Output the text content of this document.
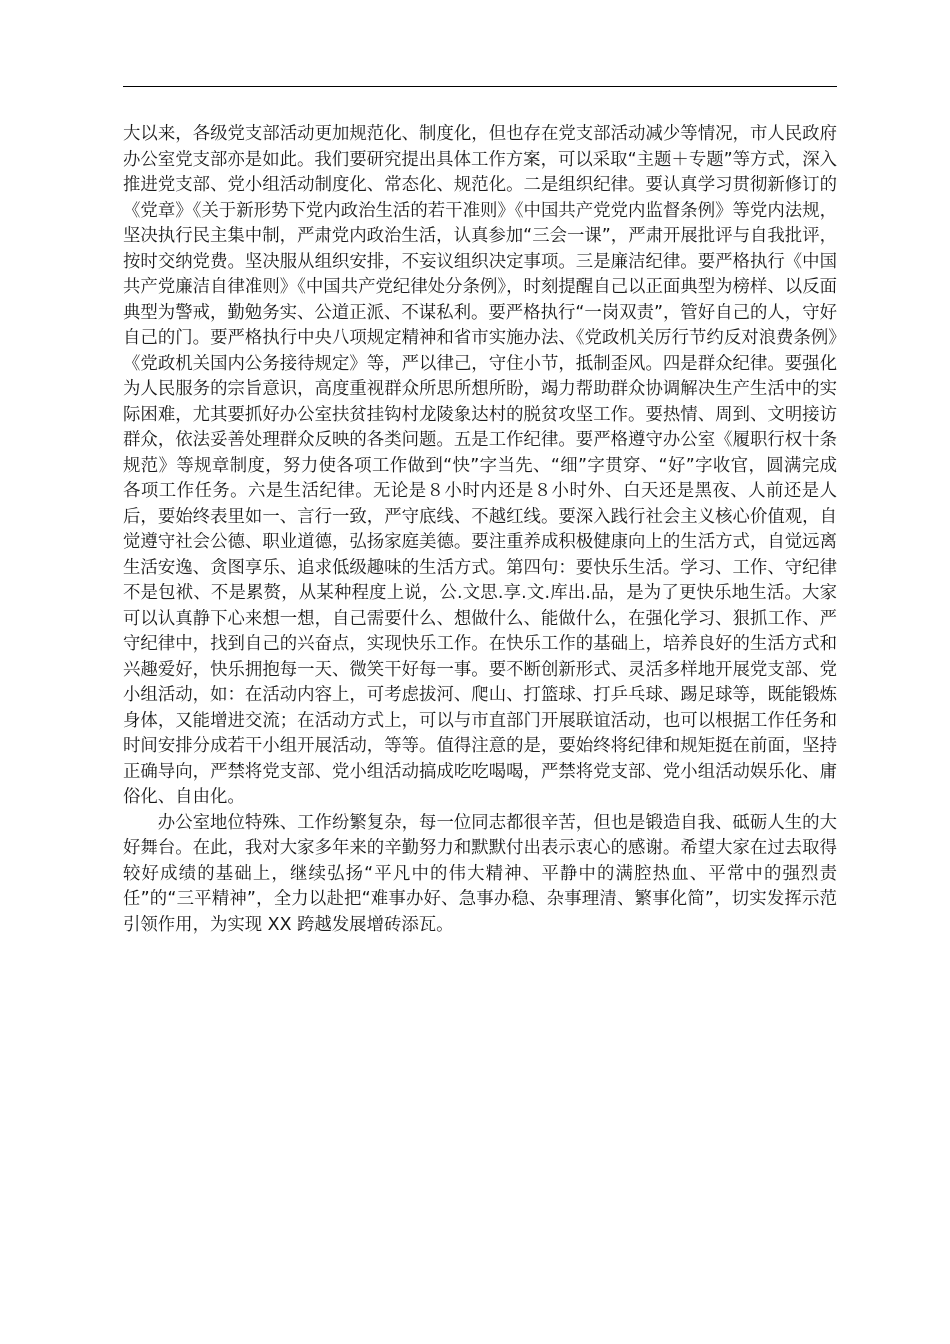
大以来，各级党支部活动更加规范化、制度化，但也存在党支部活动减少等情况，市人民政府办公室党支部亦是如此。我们要研究提出具体工作方案，可以采取“主题＋专题”等方式，深入推进党支部、党小组活动制度化、常态化、规范化。二是组织纪律。要认真学习贯彻新修订的《党章》《关于新形势下党内政治生活的若干准则》《中国共产党党内监督条例》等党内法规，坚决执行民主集中制，严肃党内政治生活，认真参加“三会一课”，严肃开展批评与自我批评，按时交纳党费。坚决服从组织安排，不妄议组织决定事项。三是廉洁纪律。要严格执行《中国共产党廉洁自律准则》《中国共产党纪律处分条例》，时刻提醒自己以正面典型为榜样、以反面典型为警戒，勤勉务实、公道正派、不谋私利。要严格执行“一岗双责”，管好自己的人，守好自己的门。要严格执行中央八项规定精神和省市实施办法、《党政机关厉行节约反对浪费条例》《党政机关国内公务接待规定》等，严以律己，守住小节，抵制歪风。四是群众纪律。要强化为人民服务的宗旨意识，高度重视群众所思所想所盼，竭力帮助群众协调解决生产生活中的实际困难，尤其要抓好办公室扶贫挂钩村龙陵象达村的脱贫攻坚工作。要热情、周到、文明接访群众，依法妥善处理群众反映的各类问题。五是工作纪律。要严格遵守办公室《履职行权十条规范》等规章制度，努力使各项工作做到“快”字当先、“细”字贯穿、“好”字收官，圆满完成各项工作任务。六是生活纪律。无论是８小时内还是８小时外、白天还是黑夜、人前还是人后，要始终表里如一、言行一致，严守底线、不越红线。要深入践行社会主义核心价值观，自觉遵守社会公德、职业道德，弘扬家庭美德。要注重养成积极健康向上的生活方式，自觉远离生活安逸、贪图享乐、追求低级趣味的生活方式。第四句：要快乐生活。学习、工作、守纪律不是包袱、不是累赘，从某种程度上说，公.文思.享.文.库出.品，是为了更快乐地生活。大家可以认真静下心来想一想，自己需要什么、想做什么、能做什么，在强化学习、狠抓工作、严守纪律中，找到自己的兴奋点，实现快乐工作。在快乐工作的基础上，培养良好的生活方式和兴趣爱好，快乐拥抱每一天、微笑干好每一事。要不断创新形式、灵活多样地开展党支部、党小组活动，如：在活动内容上，可考虑拔河、爬山、打篮球、打乒乓球、踢足球等，既能锻炼身体，又能增进交流；在活动方式上，可以与市直部门开展联谊活动，也可以根据工作任务和时间安排分成若干小组开展活动，等等。值得注意的是，要始终将纪律和规矩挺在前面，坚持正确导向，严禁将党支部、党小组活动搞成吃吃喝喝，严禁将党支部、党小组活动娱乐化、庸俗化、自由化。

办公室地位特殊、工作纷繁复杂，每一位同志都很辛苦，但也是锻造自我、砥砺人生的大好舞台。在此，我对大家多年来的辛勤努力和默默付出表示衷心的感谢。希望大家在过去取得较好成绩的基础上，继续弘扬“平凡中的伟大精神、平静中的满腔热血、平常中的强烈责任”的“三平精神”，全力以赴把“难事办好、急事办稳、杂事理清、繁事化简”，切实发挥示范引领作用，为实现 XX 跨越发展增砖添瓦。
